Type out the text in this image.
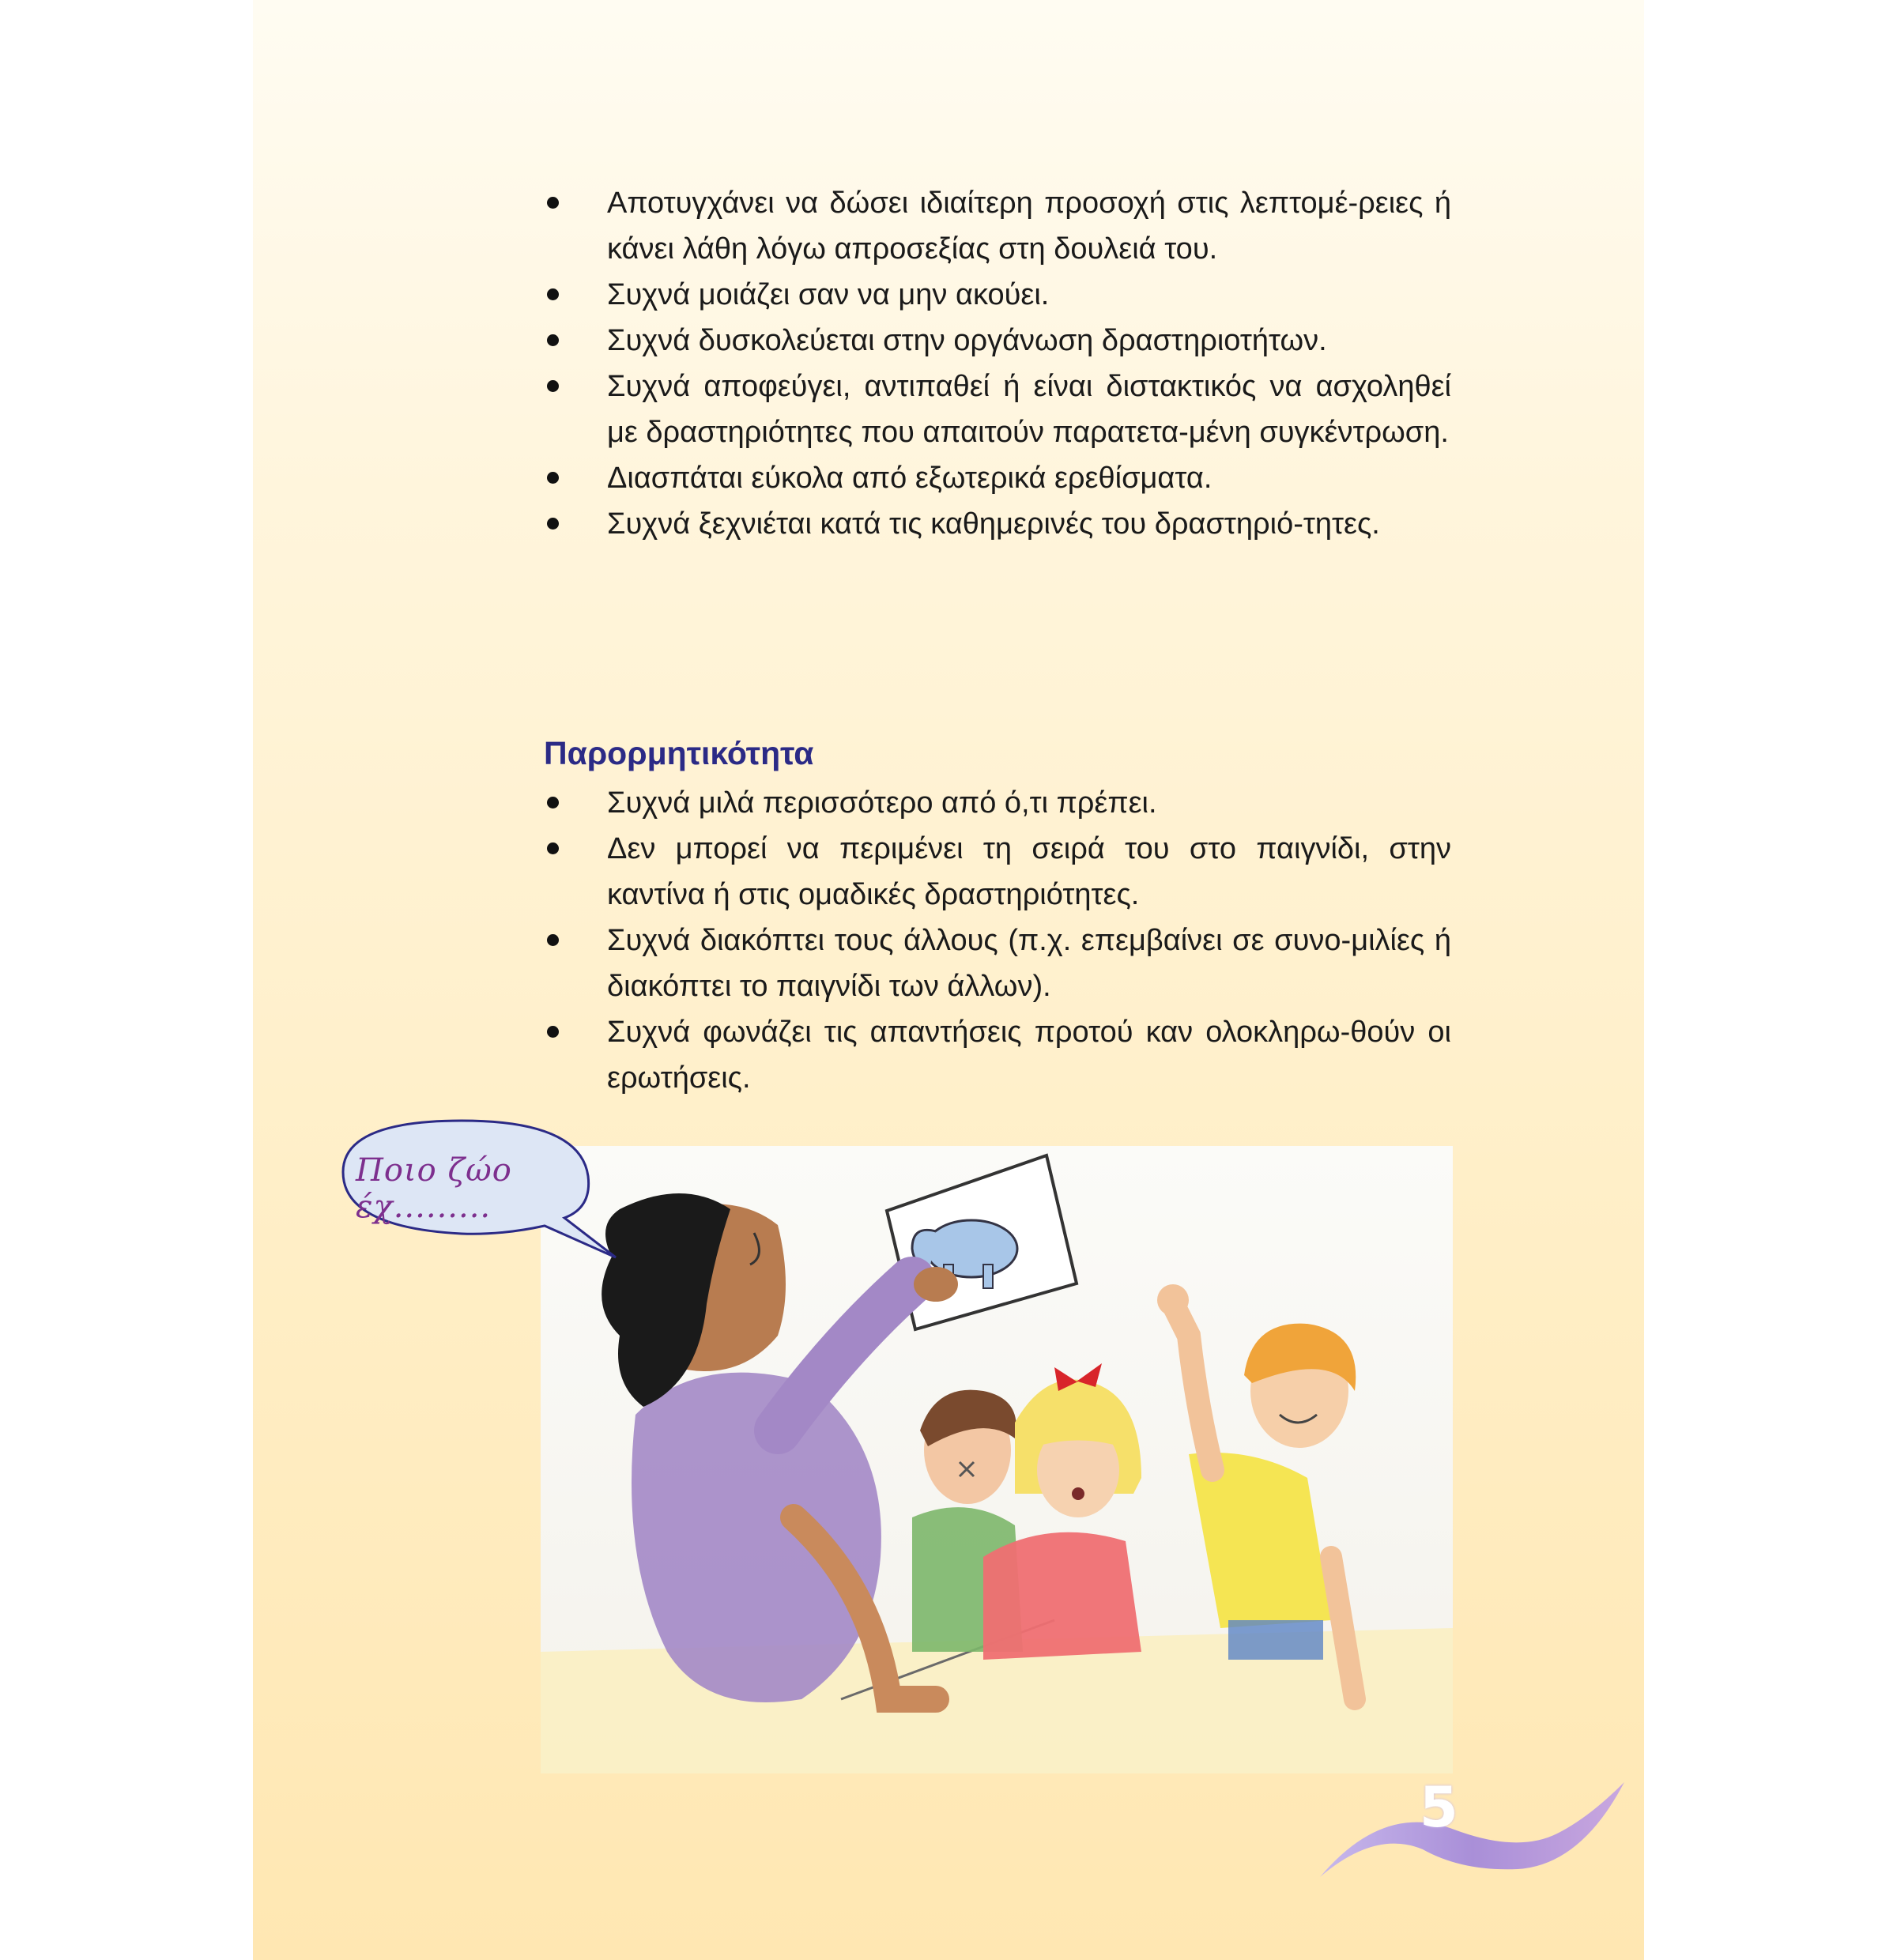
Αποτυγχάνει να δώσει ιδιαίτερη προσοχή στις λεπτομέ-ρειες ή κάνει λάθη λόγω απροσεξίας στη δουλειά του.
Συχνά μοιάζει σαν να μην ακούει.
Συχνά δυσκολεύεται στην οργάνωση δραστηριοτήτων.
Συχνά αποφεύγει, αντιπαθεί ή είναι διστακτικός να ασχοληθεί με δραστηριότητες που απαιτούν παρατετα-μένη συγκέντρωση.
Διασπάται εύκολα από εξωτερικά ερεθίσματα.
Συχνά ξεχνιέται κατά τις καθημερινές του δραστηριό-τητες.
Παρορμητικότητα
Συχνά μιλά περισσότερο από ό,τι πρέπει.
Δεν μπορεί να περιμένει τη σειρά του στο παιγνίδι, στην καντίνα ή στις ομαδικές δραστηριότητες.
Συχνά διακόπτει τους άλλους (π.χ. επεμβαίνει σε συνο-μιλίες ή διακόπτει το παιγνίδι των άλλων).
Συχνά φωνάζει τις απαντήσεις προτού καν ολοκληρω-θούν οι ερωτήσεις.
Ποιο ζώο έχ.........
5
